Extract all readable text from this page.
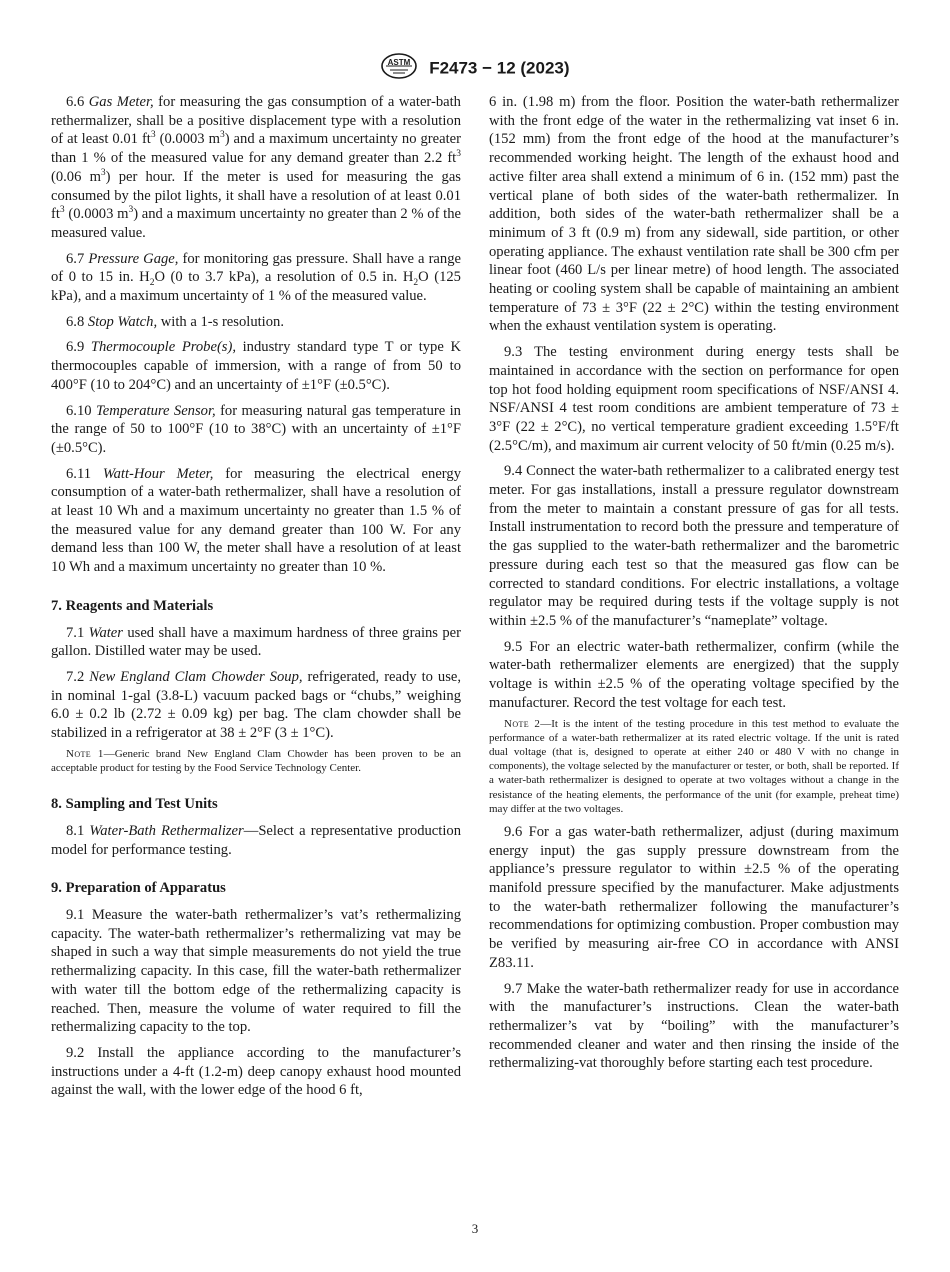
ASTM F2473 − 12 (2023)

6.6 Gas Meter, for measuring the gas consumption of a water-bath rethermalizer, shall be a positive displacement type with a resolution of at least 0.01 $ft^3$ (0.0003 $m^3$) and a maximum uncertainty no greater than 1 % of the measured value for any demand greater than 2.2 $ft^3$ (0.06 $m^3$) per hour. If the meter is used for measuring the gas consumed by the pilot lights, it shall have a resolution of at least 0.01 $ft^3$ (0.0003 $m^3$) and a maximum uncertainty no greater than 2 % of the measured value.

6.7 Pressure Gage, for monitoring gas pressure. Shall have a range of 0 to 15 in. $H_2O$ (0 to 3.7 kPa), a resolution of 0.5 in. $H_2O$ (125 kPa), and a maximum uncertainty of 1 % of the measured value.

6.8 Stop Watch, with a 1-s resolution.

6.9 Thermocouple Probe(s), industry standard type T or type K thermocouples capable of immersion, with a range of from 50 to 400°F (10 to 204°C) and an uncertainty of ±1°F (±0.5°C).

6.10 Temperature Sensor, for measuring natural gas temperature in the range of 50 to 100°F (10 to 38°C) with an uncertainty of ±1°F (±0.5°C).

6.11 Watt-Hour Meter, for measuring the electrical energy consumption of a water-bath rethermalizer, shall have a resolution of at least 10 Wh and a maximum uncertainty no greater than 1.5 % of the measured value for any demand greater than 100 W. For any demand less than 100 W, the meter shall have a resolution of at least 10 Wh and a maximum uncertainty no greater than 10 %.

7. Reagents and Materials

7.1 Water used shall have a maximum hardness of three grains per gallon. Distilled water may be used.

7.2 New England Clam Chowder Soup, refrigerated, ready to use, in nominal 1-gal (3.8-L) vacuum packed bags or “chubs,” weighing 6.0 ± 0.2 lb (2.72 ± 0.09 kg) per bag. The clam chowder shall be stabilized in a refrigerator at 38 ± 2°F (3 ± 1°C).

Note 1—Generic brand New England Clam Chowder has been proven to be an acceptable product for testing by the Food Service Technology Center.
8. Sampling and Test Units

8.1 Water-Bath Rethermalizer—Select a representative production model for performance testing.

9. Preparation of Apparatus

9.1 Measure the water-bath rethermalizer’s vat’s rethermalizing capacity. The water-bath rethermalizer’s rethermalizing vat may be shaped in such a way that simple measurements do not yield the true rethermalizing capacity. In this case, fill the water-bath rethermalizer with water till the bottom edge of the rethermalizing capacity is reached. Then, measure the volume of water required to fill the rethermalizing capacity to the top.

9.2 Install the appliance according to the manufacturer’s instructions under a 4-ft (1.2-m) deep canopy exhaust hood mounted against the wall, with the lower edge of the hood 6 ft,

6 in. (1.98 m) from the floor. Position the water-bath rethermalizer with the front edge of the water in the rethermalizing vat inset 6 in. (152 mm) from the front edge of the hood at the manufacturer’s recommended working height. The length of the exhaust hood and active filter area shall extend a minimum of 6 in. (152 mm) past the vertical plane of both sides of the water-bath rethermalizer. In addition, both sides of the water-bath rethermalizer shall be a minimum of 3 ft (0.9 m) from any sidewall, side partition, or other operating appliance. The exhaust ventilation rate shall be 300 cfm per linear foot (460 L/s per linear metre) of hood length. The associated heating or cooling system shall be capable of maintaining an ambient temperature of 73 ± 3°F (22 ± 2°C) within the testing environment when the exhaust ventilation system is operating.

9.3 The testing environment during energy tests shall be maintained in accordance with the section on performance for open top hot food holding equipment room specifications of NSF/ANSI 4. NSF/ANSI 4 test room conditions are ambient temperature of 73 ± 3°F (22 ± 2°C), no vertical temperature gradient exceeding 1.5°F/ft (2.5°C/m), and maximum air current velocity of 50 ft/min (0.25 m/s).

9.4 Connect the water-bath rethermalizer to a calibrated energy test meter. For gas installations, install a pressure regulator downstream from the meter to maintain a constant pressure of gas for all tests. Install instrumentation to record both the pressure and temperature of the gas supplied to the water-bath rethermalizer and the barometric pressure during each test so that the measured gas flow can be corrected to standard conditions. For electric installations, a voltage regulator may be required during tests if the voltage supply is not within ±2.5 % of the manufacturer’s “nameplate” voltage.

9.5 For an electric water-bath rethermalizer, confirm (while the water-bath rethermalizer elements are energized) that the supply voltage is within ±2.5 % of the operating voltage specified by the manufacturer. Record the test voltage for each test.

Note 2—It is the intent of the testing procedure in this test method to evaluate the performance of a water-bath rethermalizer at its rated electric voltage. If the unit is rated dual voltage (that is, designed to operate at either 240 or 480 V with no change in components), the voltage selected by the manufacturer or tester, or both, shall be reported. If a water-bath rethermalizer is designed to operate at two voltages without a change in the resistance of the heating elements, the performance of the unit (for example, preheat time) may differ at the two voltages.

9.6 For a gas water-bath rethermalizer, adjust (during maximum energy input) the gas supply pressure downstream from the appliance’s pressure regulator to within ±2.5 % of the operating manifold pressure specified by the manufacturer. Make adjustments to the water-bath rethermalizer following the manufacturer’s recommendations for optimizing combustion. Proper combustion may be verified by measuring air-free CO in accordance with ANSI Z83.11.

9.7 Make the water-bath rethermalizer ready for use in accordance with the manufacturer’s instructions. Clean the water-bath rethermalizer’s vat by “boiling” with the manufacturer’s recommended cleaner and water and then rinsing the inside of the rethermalizing-vat thoroughly before starting each test procedure.

3
